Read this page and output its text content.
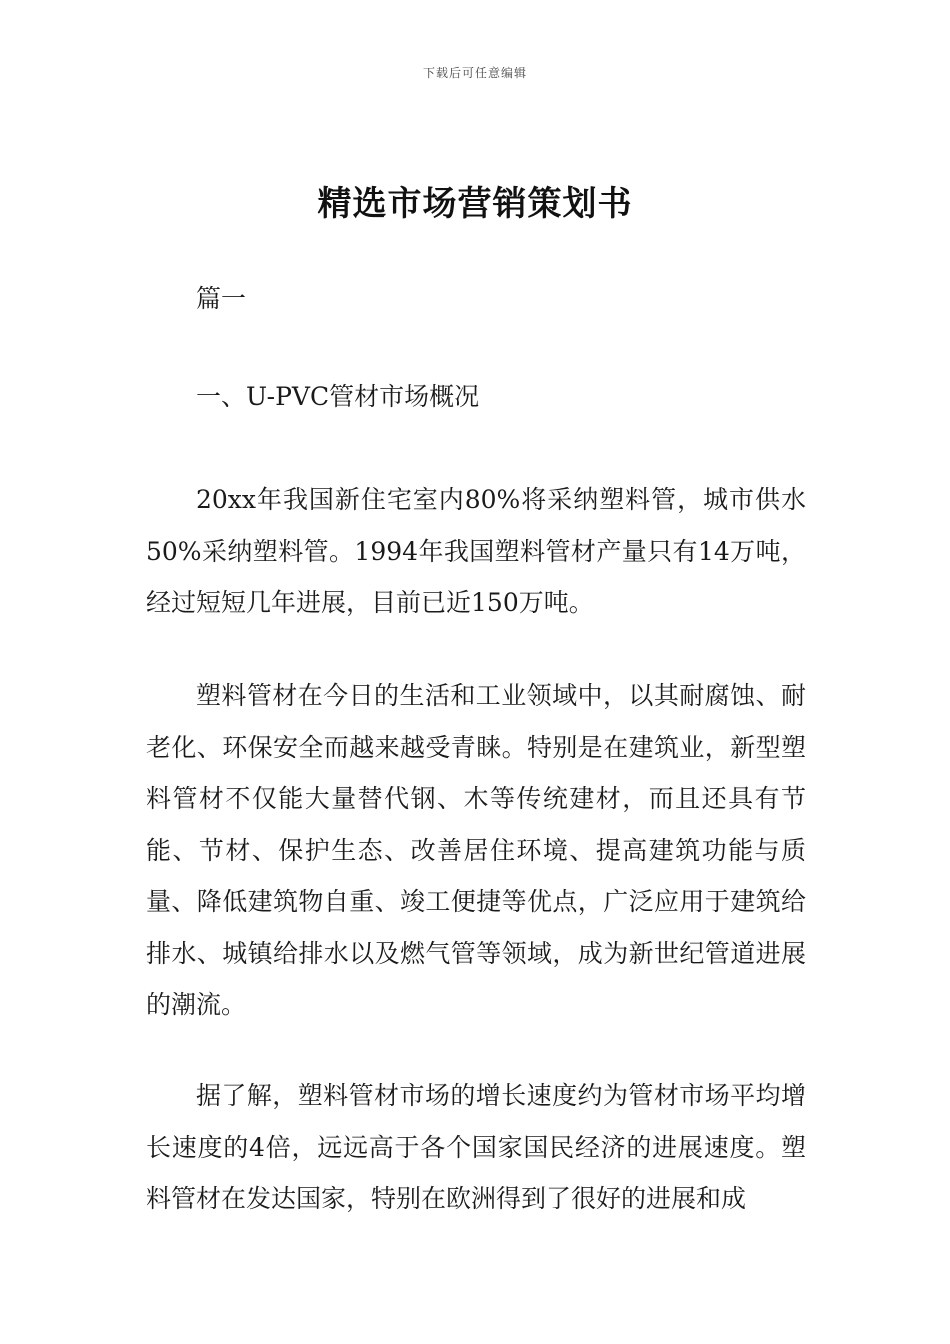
下载后可任意编辑
精选市场营销策划书
篇一
一、U-PVC管材市场概况
20xx年我国新住宅室内80%将采纳塑料管，城市供水50%采纳塑料管。1994年我国塑料管材产量只有14万吨，经过短短几年进展，目前已近150万吨。
塑料管材在今日的生活和工业领域中，以其耐腐蚀、耐老化、环保安全而越来越受青睐。特别是在建筑业，新型塑料管材不仅能大量替代钢、木等传统建材，而且还具有节能、节材、保护生态、改善居住环境、提高建筑功能与质量、降低建筑物自重、竣工便捷等优点，广泛应用于建筑给排水、城镇给排水以及燃气管等领域，成为新世纪管道进展的潮流。
据了解，塑料管材市场的增长速度约为管材市场平均增长速度的4倍，远远高于各个国家国民经济的进展速度。塑料管材在发达国家，特别在欧洲得到了很好的进展和成
